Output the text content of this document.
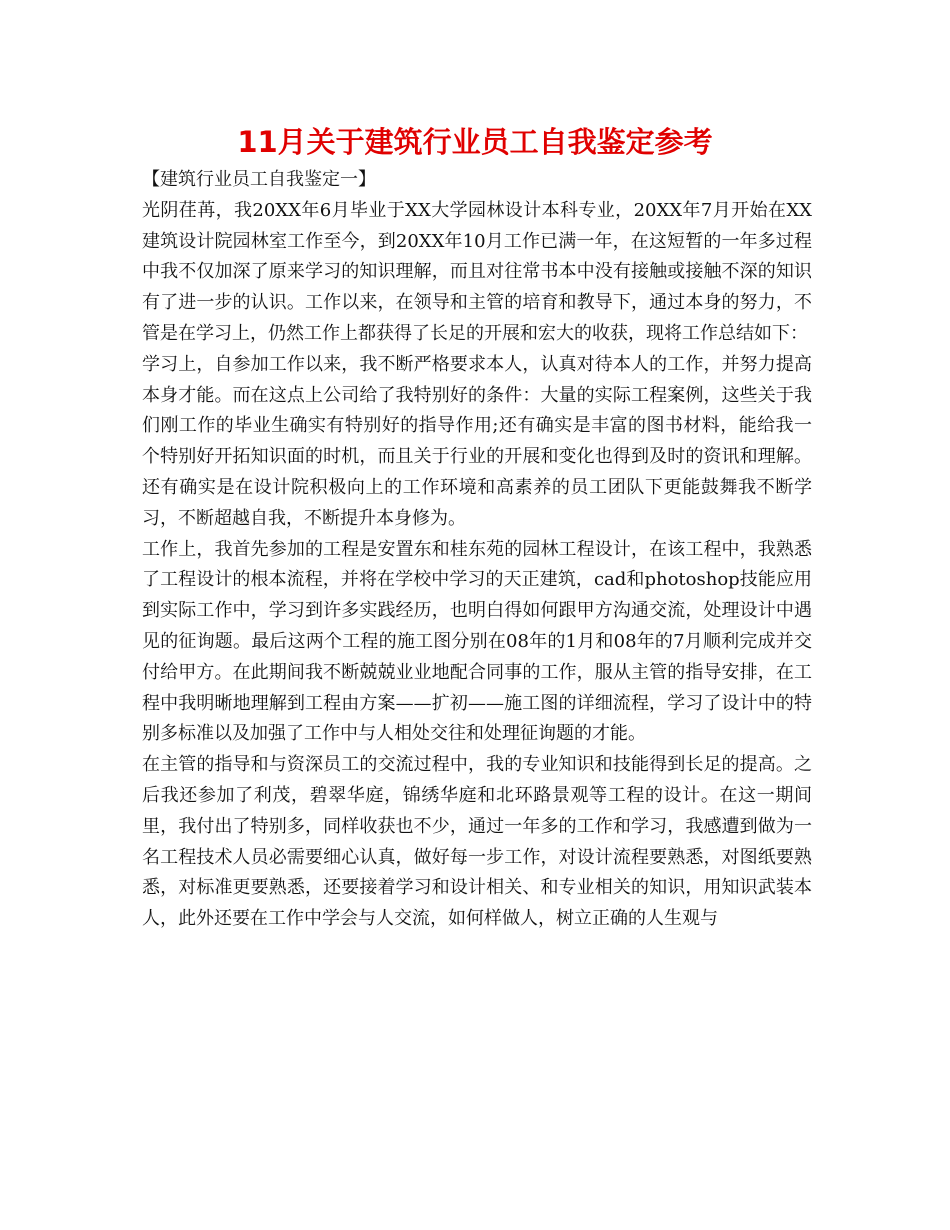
11月关于建筑行业员工自我鉴定参考

【建筑行业员工自我鉴定一】

光阴荏苒，我20XX年6月毕业于XX大学园林设计本科专业，20XX年7月开始在XX建筑设计院园林室工作至今，到20XX年10月工作已满一年，在这短暂的一年多过程中我不仅加深了原来学习的知识理解，而且对往常书本中没有接触或接触不深的知识有了进一步的认识。工作以来，在领导和主管的培育和教导下，通过本身的努力，不管是在学习上，仍然工作上都获得了长足的开展和宏大的收获，现将工作总结如下：

学习上，自参加工作以来，我不断严格要求本人，认真对待本人的工作，并努力提高本身才能。而在这点上公司给了我特别好的条件：大量的实际工程案例，这些关于我们刚工作的毕业生确实有特别好的指导作用;还有确实是丰富的图书材料，能给我一个特别好开拓知识面的时机，而且关于行业的开展和变化也得到及时的资讯和理解。还有确实是在设计院积极向上的工作环境和高素养的员工团队下更能鼓舞我不断学习，不断超越自我，不断提升本身修为。

工作上，我首先参加的工程是安置东和桂东苑的园林工程设计，在该工程中，我熟悉了工程设计的根本流程，并将在学校中学习的天正建筑，cad和photoshop技能应用到实际工作中，学习到许多实践经历，也明白得如何跟甲方沟通交流，处理设计中遇见的征询题。最后这两个工程的施工图分别在08年的1月和08年的7月顺利完成并交付给甲方。在此期间我不断兢兢业业地配合同事的工作，服从主管的指导安排，在工程中我明晰地理解到工程由方案——扩初——施工图的详细流程，学习了设计中的特别多标准以及加强了工作中与人相处交往和处理征询题的才能。

在主管的指导和与资深员工的交流过程中，我的专业知识和技能得到长足的提高。之后我还参加了利茂，碧翠华庭，锦绣华庭和北环路景观等工程的设计。在这一期间里，我付出了特别多，同样收获也不少，通过一年多的工作和学习，我感遭到做为一名工程技术人员必需要细心认真，做好每一步工作，对设计流程要熟悉，对图纸要熟悉，对标准更要熟悉，还要接着学习和设计相关、和专业相关的知识，用知识武装本人，此外还要在工作中学会与人交流，如何样做人，树立正确的人生观与
